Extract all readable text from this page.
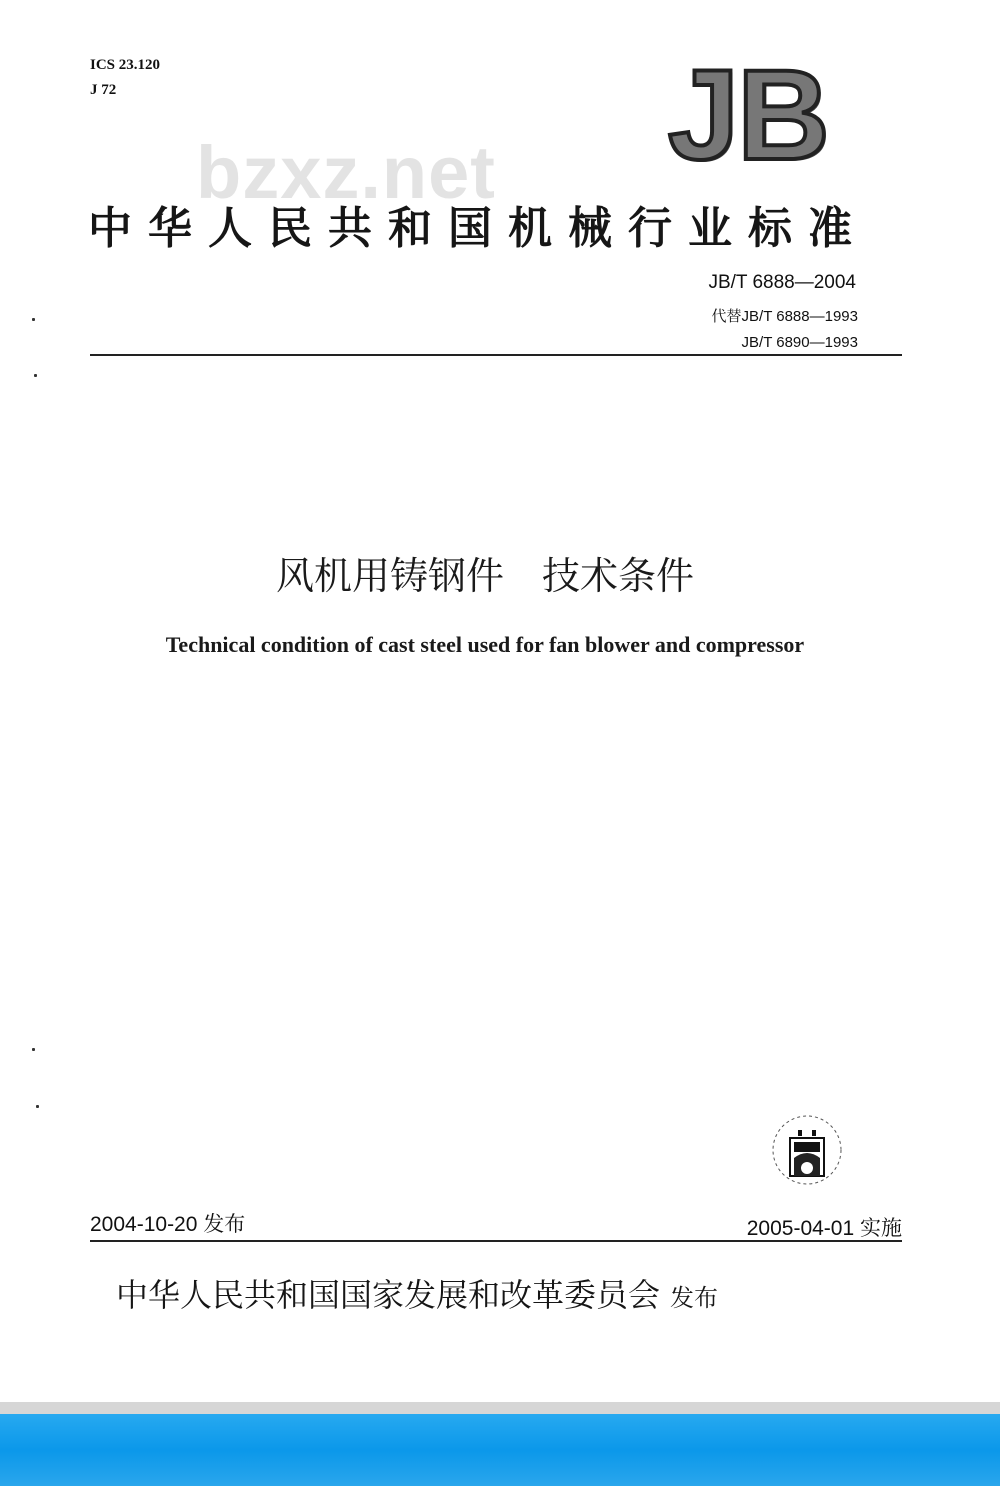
ICS 23.120
J 72	JB
bzxz.net
中华人民共和国机械行业标准
JB/T 6888—2004
代替JB/T 6888—1993
JB/T 6890—1993
风机用铸钢件　技术条件
Technical condition of cast steel used for fan blower and compressor
2004-10-20 发布	2005-04-01 实施
中华人民共和国国家发展和改革委员会 发布
